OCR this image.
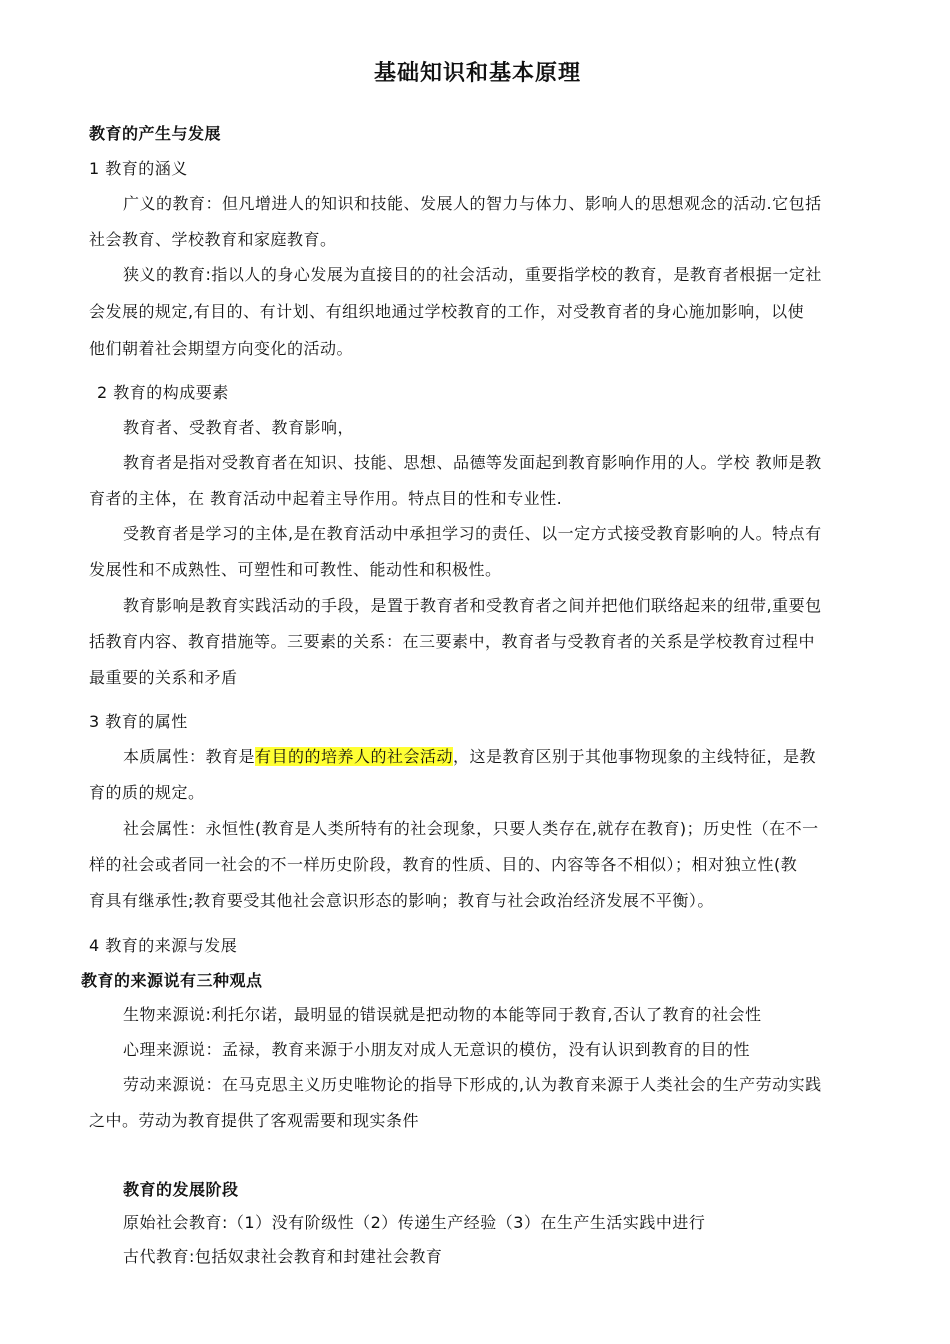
基础知识和基本原理
教育的产生与发展
1 教育的涵义
广义的教育：但凡增进人的知识和技能、发展人的智力与体力、影响人的思想观念的活动.它包括
社会教育、学校教育和家庭教育。
狭义的教育:指以人的身心发展为直接目的的社会活动，重要指学校的教育，是教育者根据一定社
会发展的规定,有目的、有计划、有组织地通过学校教育的工作，对受教育者的身心施加影响，以使
他们朝着社会期望方向变化的活动。
2 教育的构成要素
教育者、受教育者、教育影响，
教育者是指对受教育者在知识、技能、思想、品德等发面起到教育影响作用的人。学校 教师是教
育者的主体，在 教育活动中起着主导作用。特点目的性和专业性.
受教育者是学习的主体,是在教育活动中承担学习的责任、以一定方式接受教育影响的人。特点有
发展性和不成熟性、可塑性和可教性、能动性和积极性。
教育影响是教育实践活动的手段，是置于教育者和受教育者之间并把他们联络起来的纽带,重要包
括教育内容、教育措施等。三要素的关系：在三要素中，教育者与受教育者的关系是学校教育过程中
最重要的关系和矛盾
3 教育的属性
本质属性：教育是有目的的培养人的社会活动，这是教育区别于其他事物现象的主线特征，是教
育的质的规定。
社会属性：永恒性(教育是人类所特有的社会现象，只要人类存在,就存在教育)；历史性（在不一
样的社会或者同一社会的不一样历史阶段，教育的性质、目的、内容等各不相似）；相对独立性(教
育具有继承性;教育要受其他社会意识形态的影响；教育与社会政治经济发展不平衡）。
4 教育的来源与发展
教育的来源说有三种观点
生物来源说:利托尔诺，最明显的错误就是把动物的本能等同于教育,否认了教育的社会性
心理来源说：孟禄，教育来源于小朋友对成人无意识的模仿，没有认识到教育的目的性
劳动来源说：在马克思主义历史唯物论的指导下形成的,认为教育来源于人类社会的生产劳动实践
之中。劳动为教育提供了客观需要和现实条件
教育的发展阶段
原始社会教育:（1）没有阶级性（2）传递生产经验（3）在生产生活实践中进行
古代教育:包括奴隶社会教育和封建社会教育
